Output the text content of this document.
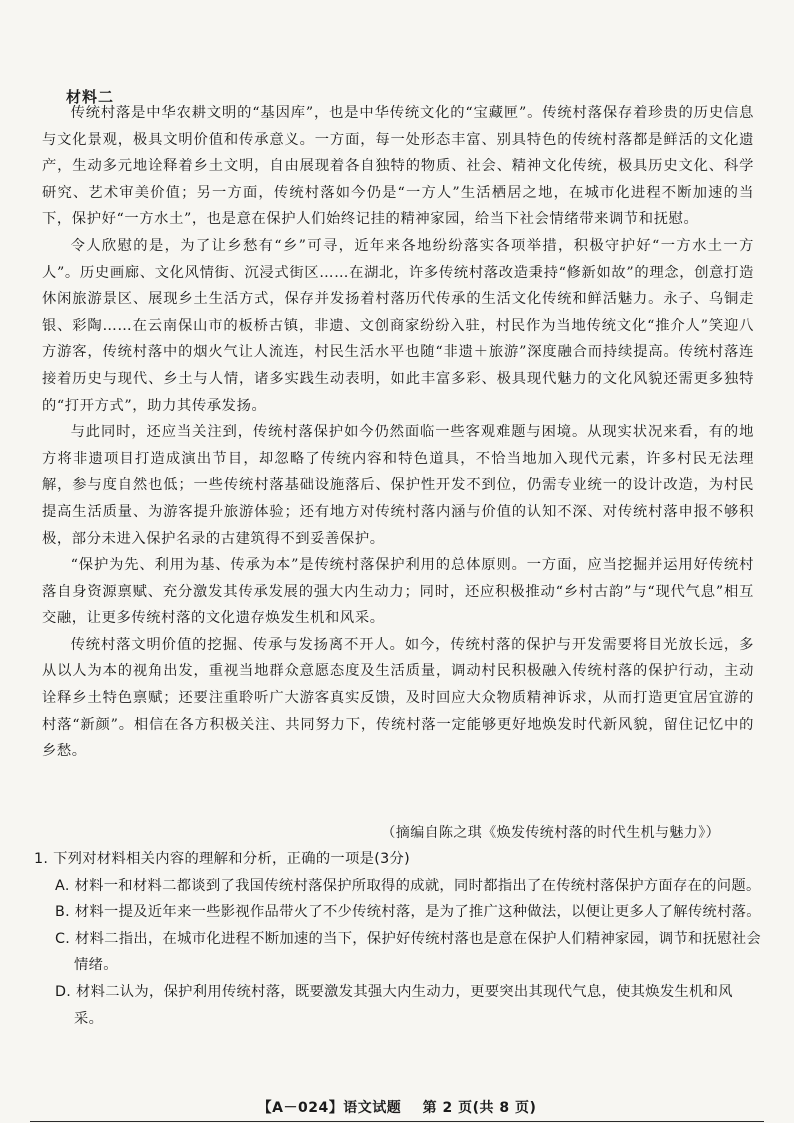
材料二

传统村落是中华农耕文明的“基因库”，也是中华传统文化的“宝藏匣”。传统村落保存着珍贵的历史信息与文化景观，极具文明价值和传承意义。一方面，每一处形态丰富、别具特色的传统村落都是鲜活的文化遗产，生动多元地诠释着乡土文明，自由展现着各自独特的物质、社会、精神文化传统，极具历史文化、科学研究、艺术审美价值；另一方面，传统村落如今仍是“一方人”生活栖居之地，在城市化进程不断加速的当下，保护好“一方水土”，也是意在保护人们始终记挂的精神家园，给当下社会情绪带来调节和抚慰。

令人欣慰的是，为了让乡愁有“乡”可寻，近年来各地纷纷落实各项举措，积极守护好“一方水土一方人”。历史画廊、文化风情街、沉浸式街区……在湖北，许多传统村落改造秉持“修新如故”的理念，创意打造休闲旅游景区、展现乡土生活方式，保存并发扬着村落历代传承的生活文化传统和鲜活魅力。永子、乌铜走银、彩陶……在云南保山市的板桥古镇，非遗、文创商家纷纷入驻，村民作为当地传统文化“推介人”笑迎八方游客，传统村落中的烟火气让人流连，村民生活水平也随“非遗＋旅游”深度融合而持续提高。传统村落连接着历史与现代、乡土与人情，诸多实践生动表明，如此丰富多彩、极具现代魅力的文化风貌还需更多独特的“打开方式”，助力其传承发扬。

与此同时，还应当关注到，传统村落保护如今仍然面临一些客观难题与困境。从现实状况来看，有的地方将非遗项目打造成演出节目，却忽略了传统内容和特色道具，不恰当地加入现代元素，许多村民无法理解，参与度自然也低；一些传统村落基础设施落后、保护性开发不到位，仍需专业统一的设计改造，为村民提高生活质量、为游客提升旅游体验；还有地方对传统村落内涵与价值的认知不深、对传统村落申报不够积极，部分未进入保护名录的古建筑得不到妥善保护。

“保护为先、利用为基、传承为本”是传统村落保护利用的总体原则。一方面，应当挖掘并运用好传统村落自身资源禀赋、充分激发其传承发展的强大内生动力；同时，还应积极推动“乡村古韵”与“现代气息”相互交融，让更多传统村落的文化遗存焕发生机和风采。

传统村落文明价值的挖掘、传承与发扬离不开人。如今，传统村落的保护与开发需要将目光放长远，多从以人为本的视角出发，重视当地群众意愿态度及生活质量，调动村民积极融入传统村落的保护行动，主动诠释乡土特色禀赋；还要注重聆听广大游客真实反馈，及时回应大众物质精神诉求，从而打造更宜居宜游的村落“新颜”。相信在各方积极关注、共同努力下，传统村落一定能够更好地焕发时代新风貌，留住记忆中的乡愁。

（摘编自陈之琪《焕发传统村落的时代生机与魅力》）

1. 下列对材料相关内容的理解和分析，正确的一项是(3分)

A. 材料一和材料二都谈到了我国传统村落保护所取得的成就，同时都指出了在传统村落保护方面存在的问题。

B. 材料一提及近年来一些影视作品带火了不少传统村落，是为了推广这种做法，以便让更多人了解传统村落。

C. 材料二指出，在城市化进程不断加速的当下，保护好传统村落也是意在保护人们精神家园，调节和抚慰社会情绪。

D. 材料二认为，保护利用传统村落，既要激发其强大内生动力，更要突出其现代气息，使其焕发生机和风采。

【A－024】语文试题 第 2 页(共 8 页)
